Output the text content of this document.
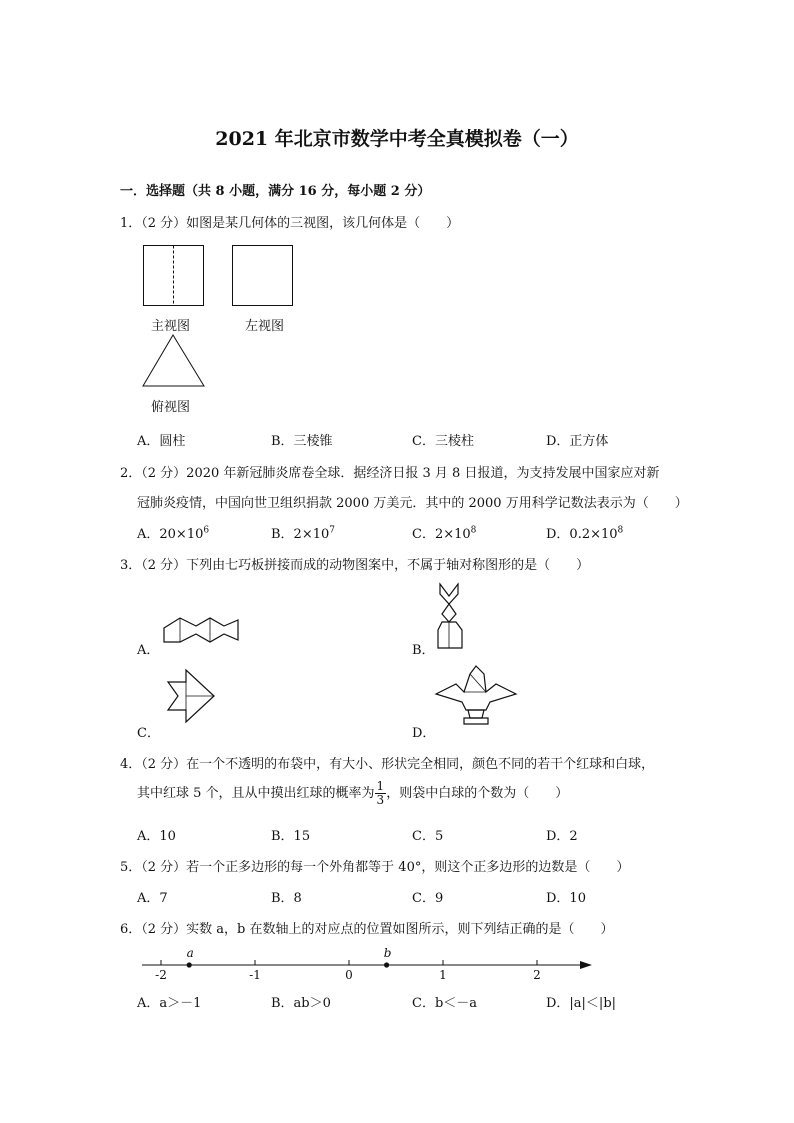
2021 年北京市数学中考全真模拟卷（一）
一．选择题（共 8 小题，满分 16 分，每小题 2 分）
1．（2 分）如图是某几何体的三视图，该几何体是（　　）
主视图	左视图
俯视图
A．圆柱	B．三棱锥	C．三棱柱	D．正方体
2．（2 分）2020 年新冠肺炎席卷全球．据经济日报 3 月 8 日报道，为支持发展中国家应对新
冠肺炎疫情，中国向世卫组织捐款 2000 万美元．其中的 2000 万用科学记数法表示为（　　）
A．$20\times 10^6$	B．$2\times 10^7$	C．$2\times 10^8$	D．$0.2\times 10^8$
3．（2 分）下列由七巧板拼接而成的动物图案中，不属于轴对称图形的是（　　）
A．	B．
C．	D．
4．（2 分）在一个不透明的布袋中，有大小、形状完全相同，颜色不同的若干个红球和白球，
其中红球 5 个，且从中摸出红球的概率为 $\frac{1}{3}$ ，则袋中白球的个数为（　　）
A．10	B．15	C．5	D．2
5．（2 分）若一个正多边形的每一个外角都等于 40°，则这个正多边形的边数是（　　）
A．7	B．8	C．9	D．10
6．（2 分）实数 a，b 在数轴上的对应点的位置如图所示，则下列结正确的是（　　）
-2	-1	0	1	2
a	b
A．a＞－1	B．ab＞0	C．b＜－a	D．|a|＜|b|
